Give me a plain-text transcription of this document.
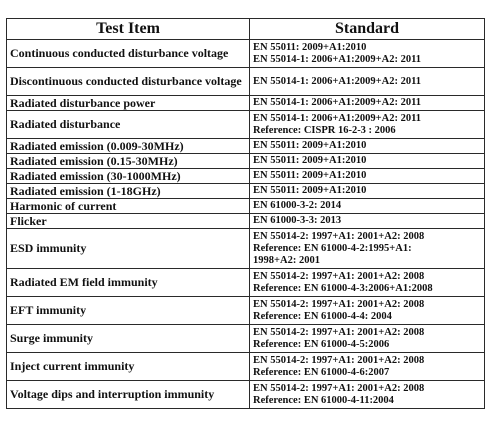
Test Item	Standard
Continuous conducted disturbance voltage	EN 55011: 2009+A1:2010
EN 55014-1: 2006+A1:2009+A2: 2011

Discontinuous conducted disturbance voltage	EN 55014-1: 2006+A1:2009+A2: 2011

Radiated disturbance power	EN 55014-1: 2006+A1:2009+A2: 2011

Radiated disturbance	EN 55014-1: 2006+A1:2009+A2: 2011
Reference: CISPR 16-2-3 : 2006

Radiated emission (0.009-30MHz)	EN 55011: 2009+A1:2010

Radiated emission (0.15-30MHz)	EN 55011: 2009+A1:2010

Radiated emission (30-1000MHz)	EN 55011: 2009+A1:2010

Radiated emission (1-18GHz)	EN 55011: 2009+A1:2010

Harmonic of current	EN 61000-3-2: 2014

Flicker	EN 61000-3-3: 2013

ESD immunity	EN 55014-2: 1997+A1: 2001+A2: 2008
Reference: EN 61000-4-2:1995+A1:
1998+A2: 2001

Radiated EM field immunity	EN 55014-2: 1997+A1: 2001+A2: 2008
Reference: EN 61000-4-3:2006+A1:2008

EFT immunity	EN 55014-2: 1997+A1: 2001+A2: 2008
Reference: EN 61000-4-4: 2004

Surge immunity	EN 55014-2: 1997+A1: 2001+A2: 2008
Reference: EN 61000-4-5:2006

Inject current immunity	EN 55014-2: 1997+A1: 2001+A2: 2008
Reference: EN 61000-4-6:2007

Voltage dips and interruption immunity	EN 55014-2: 1997+A1: 2001+A2: 2008
Reference: EN 61000-4-11:2004
